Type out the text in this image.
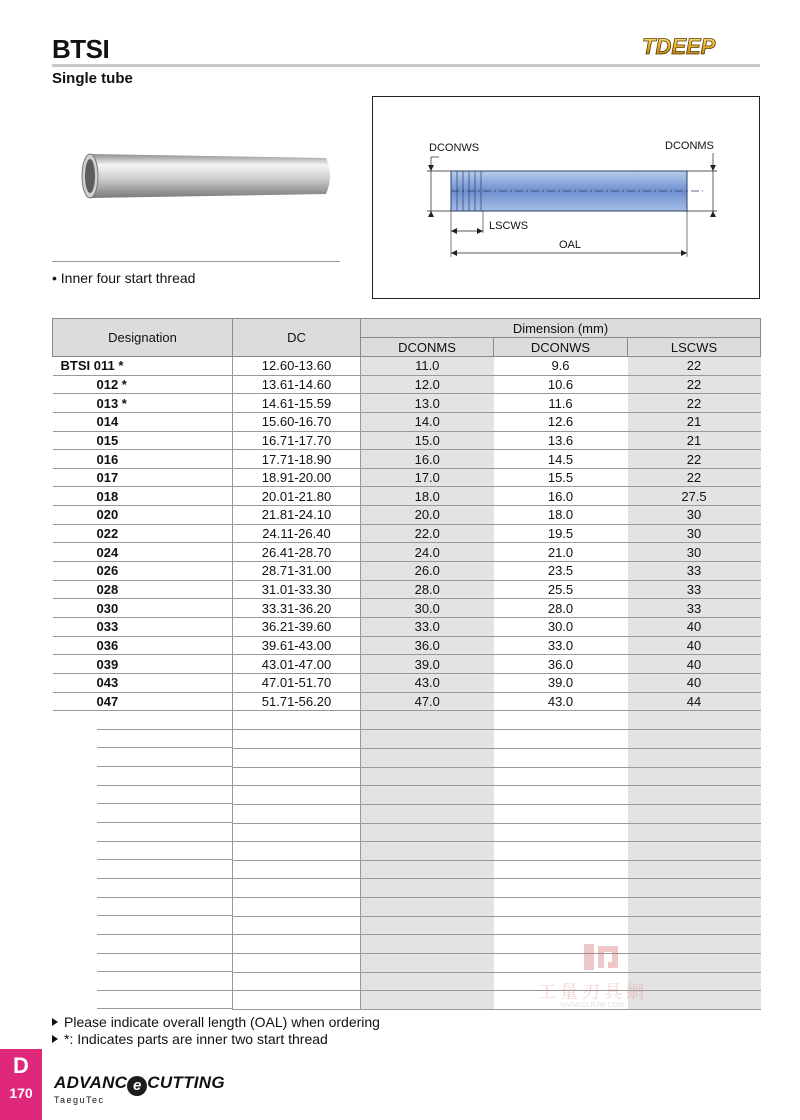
BTSI
Single tube
TDEEP
• Inner four start thread
DCONWS	DCONMS
LSCWS
OAL
Designation	DC	Dimension (mm)		
		DCONMS	DCONWS	LSCWS
BTSI 011 *	12.60-13.60	11.0	9.6	22
012 *	13.61-14.60	12.0	10.6	22
013 *	14.61-15.59	13.0	11.6	22
014	15.60-16.70	14.0	12.6	21
015	16.71-17.70	15.0	13.6	21
016	17.71-18.90	16.0	14.5	22
017	18.91-20.00	17.0	15.5	22
018	20.01-21.80	18.0	16.0	27.5
020	21.81-24.10	20.0	18.0	30
022	24.11-26.40	22.0	19.5	30
024	26.41-28.70	24.0	21.0	30
026	28.71-31.00	26.0	23.5	33
028	31.01-33.30	28.0	25.5	33
030	33.31-36.20	30.0	28.0	33
033	36.21-39.60	33.0	30.0	40
036	39.61-43.00	36.0	33.0	40
039	43.01-47.00	39.0	36.0	40
043	47.01-51.70	43.0	39.0	40
047	51.71-56.20	47.0	43.0	44

Please indicate overall length (OAL) when ordering
*: Indicates parts are inner two start thread
工量刃具網
WWW.GLRJW.COM
D
170
ADVANC e CUTTING
TaeguTec
